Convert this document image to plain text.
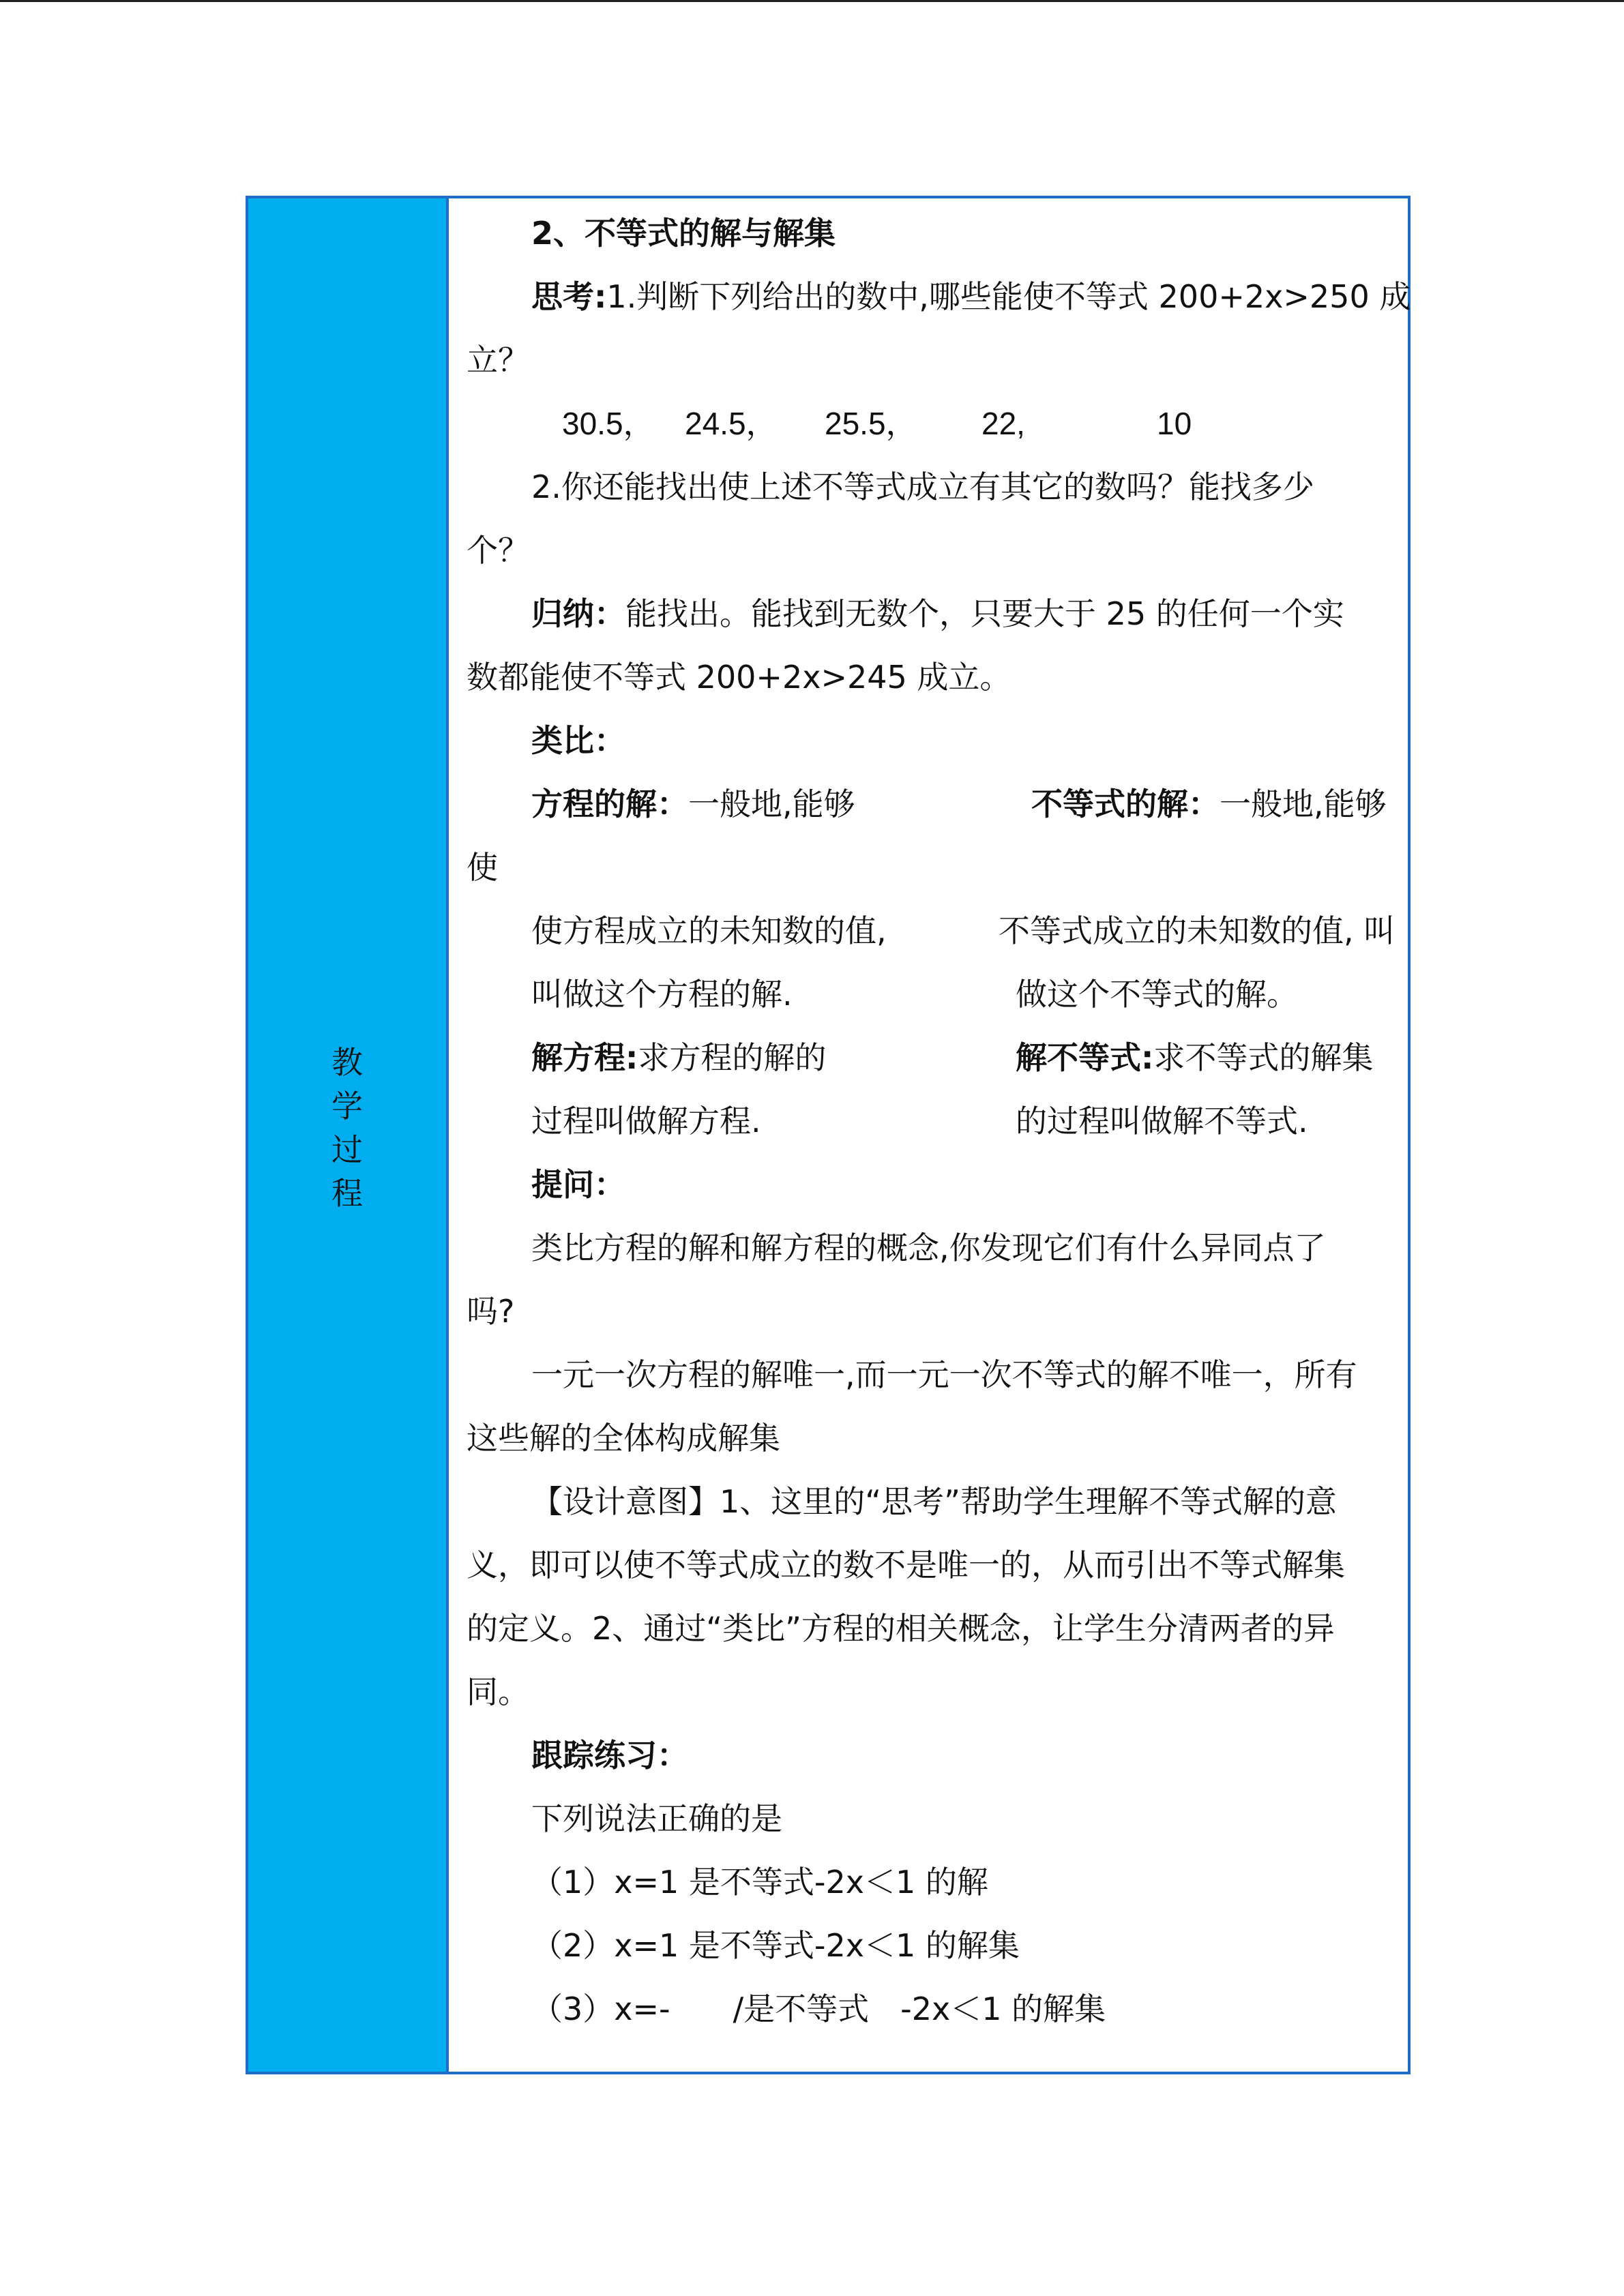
教
学
过
程
2、不等式的解与解集
思考:1.判断下列给出的数中,哪些能使不等式 200+2x>250 成
立？
30.5， 24.5， 25.5， 22,	10
2.你还能找出使上述不等式成立有其它的数吗？能找多少
个？
归纳：能找出。能找到无数个，只要大于 25 的任何一个实
数都能使不等式 200+2x>245 成立。
类比：
方程的解：一般地,能够	不等式的解：一般地,能够
使
使方程成立的未知数的值,	不等式成立的未知数的值, 叫
叫做这个方程的解.	做这个不等式的解。
解方程:求方程的解的	解不等式:求不等式的解集
过程叫做解方程.	的过程叫做解不等式.
提问：
类比方程的解和解方程的概念,你发现它们有什么异同点了
吗?
一元一次方程的解唯一,而一元一次不等式的解不唯一，所有
这些解的全体构成解集
【设计意图】1、这里的“思考”帮助学生理解不等式解的意
义，即可以使不等式成立的数不是唯一的，从而引出不等式解集
的定义。2、通过“类比”方程的相关概念，让学生分清两者的异
同。
跟踪练习：
下列说法正确的是
（1）x=1 是不等式-2x＜1 的解
（2）x=1 是不等式-2x＜1 的解集
（3）x=-　　/是不等式　-2x＜1 的解集
